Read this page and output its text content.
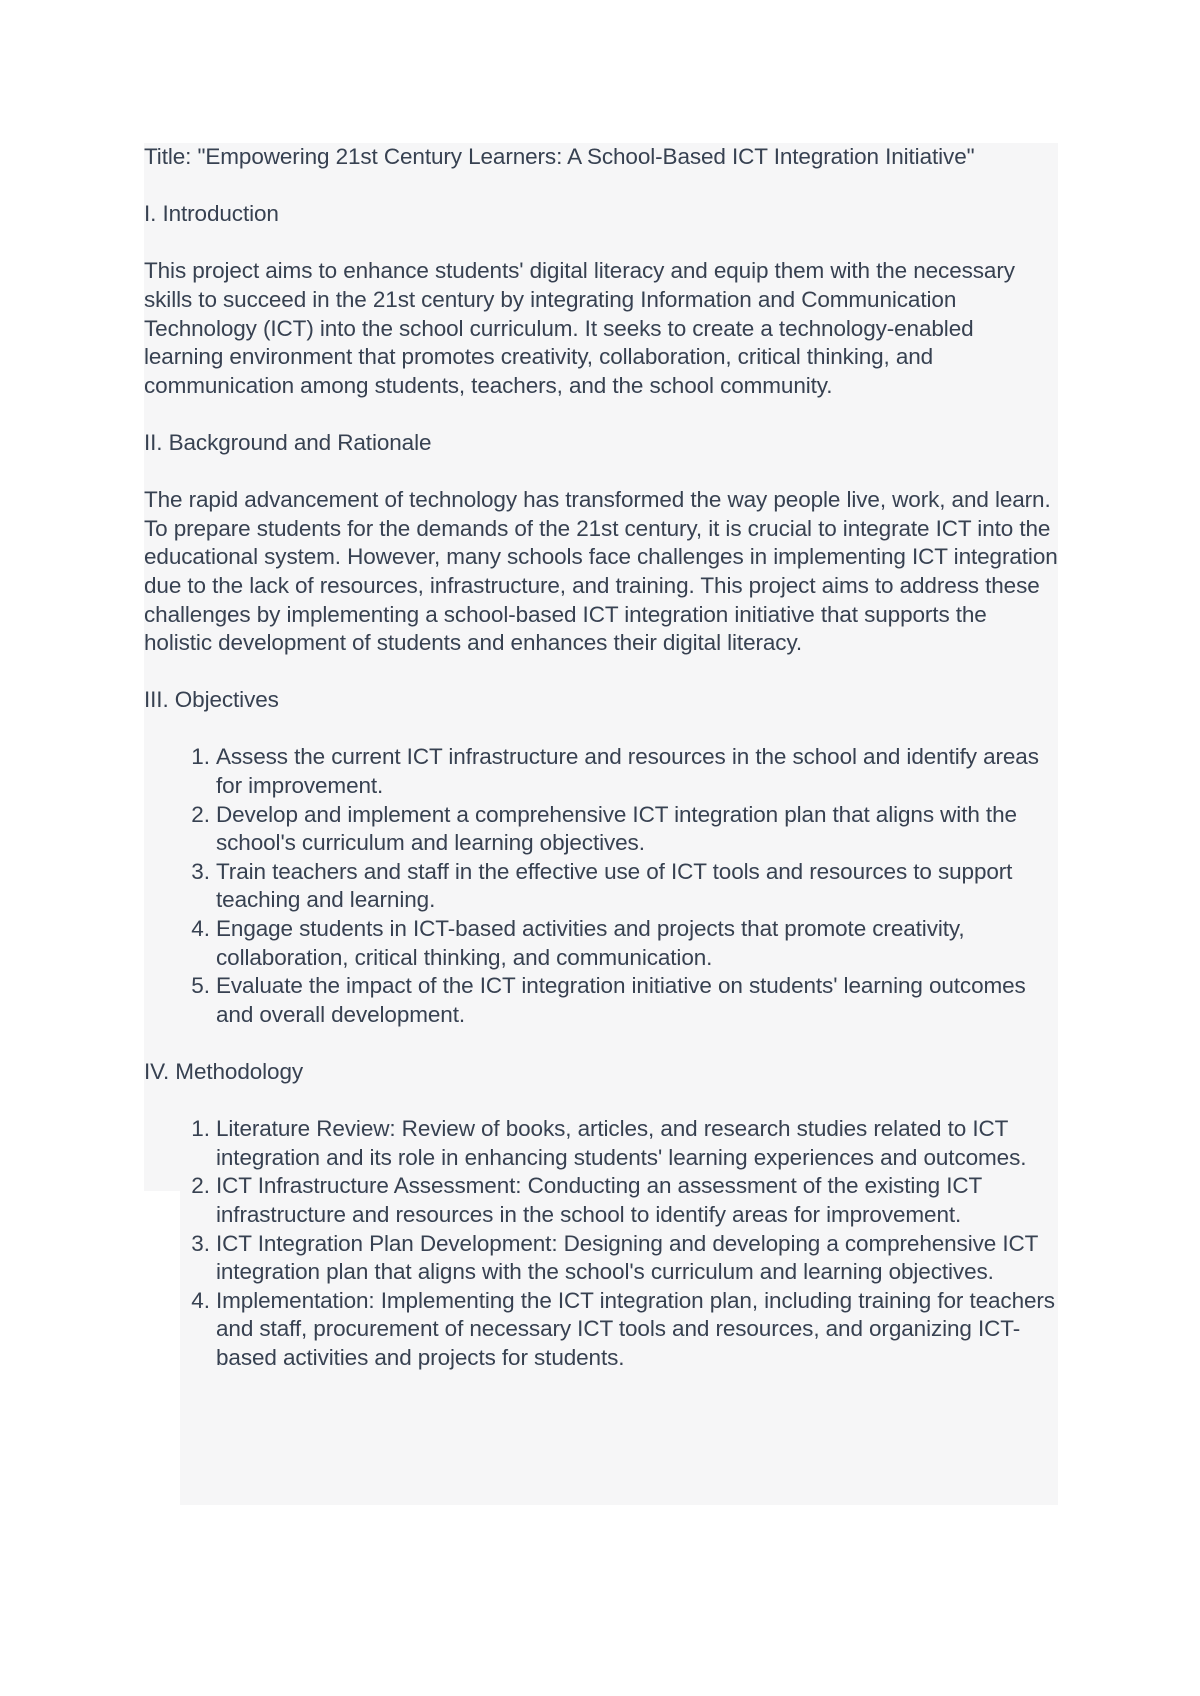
Title: "Empowering 21st Century Learners: A School-Based ICT Integration Initiative"

I. Introduction

This project aims to enhance students' digital literacy and equip them with the necessary skills to succeed in the 21st century by integrating Information and Communication Technology (ICT) into the school curriculum. It seeks to create a technology-enabled learning environment that promotes creativity, collaboration, critical thinking, and communication among students, teachers, and the school community.

II. Background and Rationale

The rapid advancement of technology has transformed the way people live, work, and learn. To prepare students for the demands of the 21st century, it is crucial to integrate ICT into the educational system. However, many schools face challenges in implementing ICT integration due to the lack of resources, infrastructure, and training. This project aims to address these challenges by implementing a school-based ICT integration initiative that supports the holistic development of students and enhances their digital literacy.

III. Objectives

1. Assess the current ICT infrastructure and resources in the school and identify areas for improvement.
2. Develop and implement a comprehensive ICT integration plan that aligns with the school's curriculum and learning objectives.
3. Train teachers and staff in the effective use of ICT tools and resources to support teaching and learning.
4. Engage students in ICT-based activities and projects that promote creativity, collaboration, critical thinking, and communication.
5. Evaluate the impact of the ICT integration initiative on students' learning outcomes and overall development.

IV. Methodology

1. Literature Review: Review of books, articles, and research studies related to ICT integration and its role in enhancing students' learning experiences and outcomes.
2. ICT Infrastructure Assessment: Conducting an assessment of the existing ICT infrastructure and resources in the school to identify areas for improvement.
3. ICT Integration Plan Development: Designing and developing a comprehensive ICT integration plan that aligns with the school's curriculum and learning objectives.
4. Implementation: Implementing the ICT integration plan, including training for teachers and staff, procurement of necessary ICT tools and resources, and organizing ICT-based activities and projects for students.
